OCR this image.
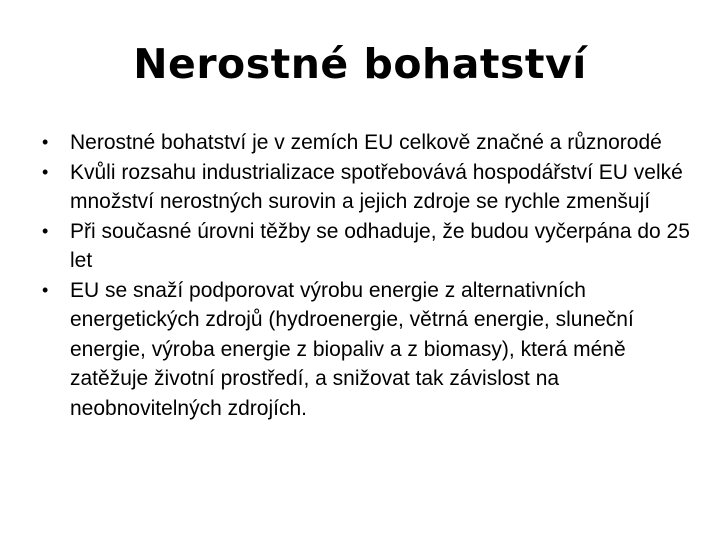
Nerostné bohatství
• Nerostné bohatství je v zemích EU celkově značné a různorodé
• Kvůli rozsahu industrializace spotřebovává hospodářství EU velké množství nerostných surovin a jejich zdroje se rychle zmenšují
• Při současné úrovni těžby se odhaduje, že budou vyčerpána do 25 let
• EU se snaží podporovat výrobu energie z alternativních energetických zdrojů (hydroenergie, větrná energie, sluneční energie, výroba energie z biopaliv a z biomasy), která méně zatěžuje životní prostředí, a snižovat tak závislost na neobnovitelných zdrojích.
